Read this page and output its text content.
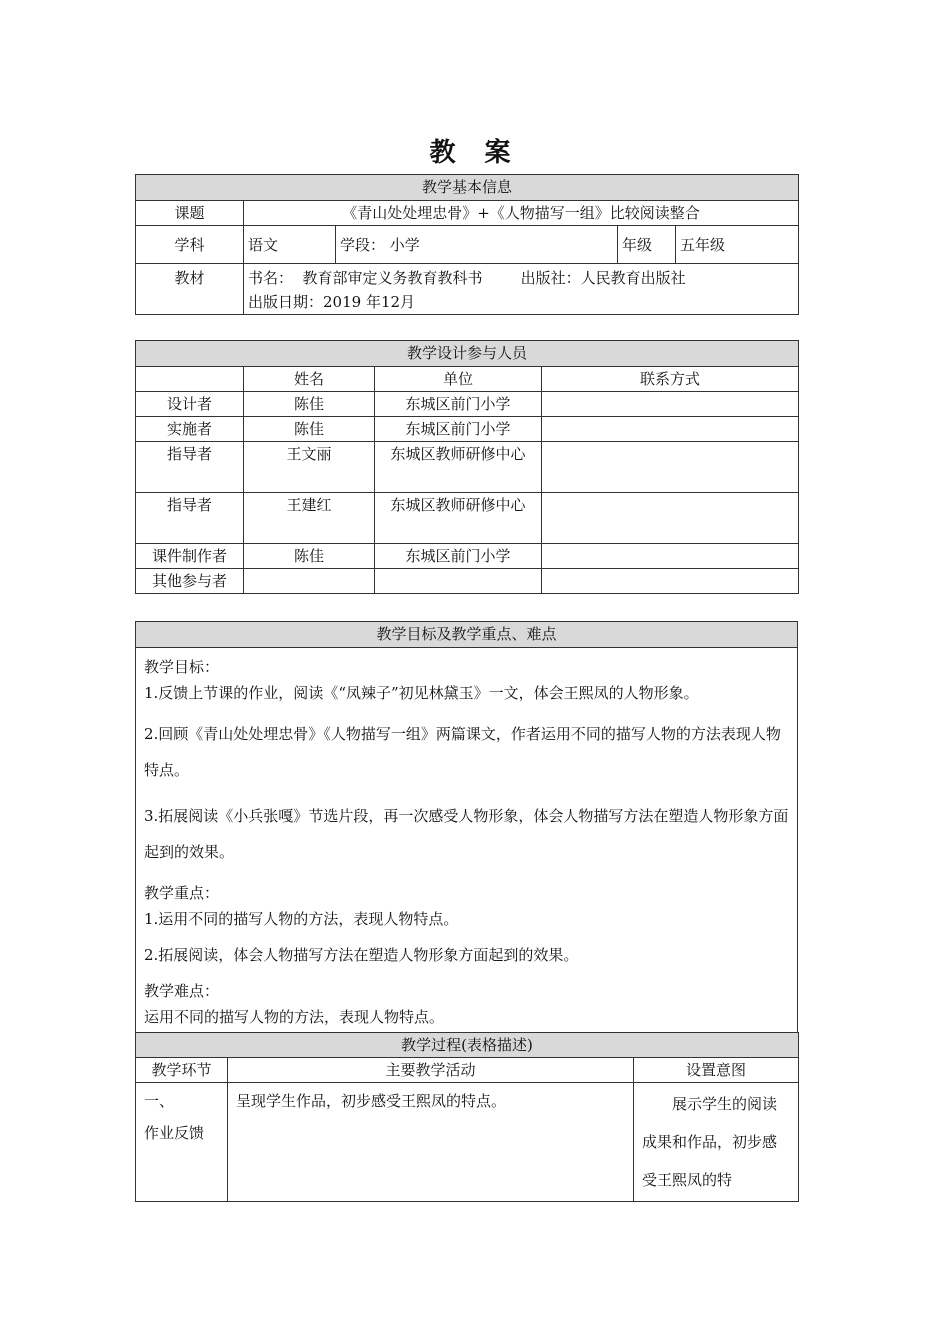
教 案
教学基本信息				
课题	《青山处处埋忠骨》+《人物描写一组》比较阅读整合			
学科	语文	学段： 小学	年级	五年级
教材	书名：  教育部审定义务教育教科书        出版社：人民教育出版社
出版日期：2019 年12月			
教学设计参与人员			
	姓名	单位	联系方式
设计者	陈佳	东城区前门小学	
实施者	陈佳	东城区前门小学	
指导者	王文丽	东城区教师研修中心	
指导者	王建红	东城区教师研修中心	
课件制作者	陈佳	东城区前门小学	
其他参与者			
教学目标及教学重点、难点

教学目标：
1.反馈上节课的作业，阅读《“凤辣子”初见林黛玉》一文，体会王熙凤的人物形象。
2.回顾《青山处处埋忠骨》《人物描写一组》两篇课文，作者运用不同的描写人物的方法表现人物特点。
3.拓展阅读《小兵张嘎》节选片段，再一次感受人物形象，体会人物描写方法在塑造人物形象方面起到的效果。
教学重点：
1.运用不同的描写人物的方法，表现人物特点。
2.拓展阅读，体会人物描写方法在塑造人物形象方面起到的效果。
教学难点：
运用不同的描写人物的方法，表现人物特点。
教学过程(表格描述)		
教学环节	主要教学活动	设置意图

一、
作业反馈	呈现学生作品，初步感受王熙凤的特点。	展示学生的阅读成果和作品，初步感受王熙凤的特
